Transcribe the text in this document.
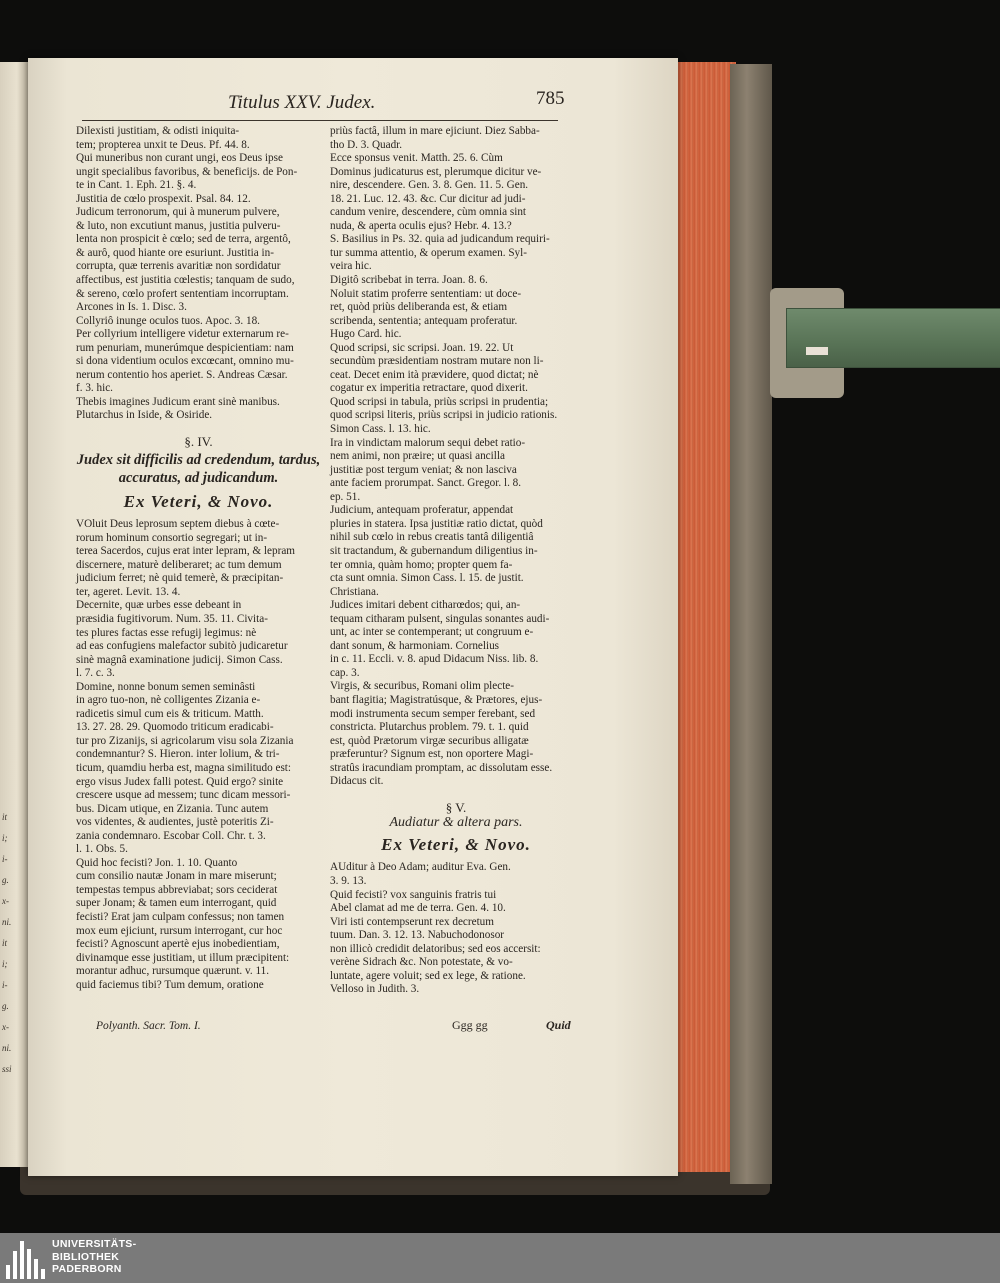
it
i;
i-
g.
x-
ni.
it
i;
i-
g.
x-
ni.
ssi
Titulus XXV. Judex.	785

Dilexisti justitiam, & odisti iniquita-

tem; propterea unxit te Deus. Pf. 44. 8.

Qui muneribus non curant ungi, eos Deus ipse

ungit specialibus favoribus, & beneficijs. de Pon-

te in Cant. 1. Eph. 21. §. 4.

Justitia de cœlo prospexit. Psal. 84. 12.

Judicum terronorum, qui à munerum pulvere,

& luto, non excutiunt manus, justitia pulveru-

lenta non prospicit è cœlo; sed de terra, argentô,

& aurô, quod hiante ore esuriunt. Justitia in-

corrupta, quæ terrenis avaritiæ non sordidatur

affectibus, est justitia cœlestis; tanquam de sudo,

& sereno, cœlo profert sententiam incorruptam.

Arcones in Is. 1. Disc. 3.

Collyriô inunge oculos tuos. Apoc. 3. 18.

Per collyrium intelligere videtur externarum re-

rum penuriam, munerúmque despicientiam: nam

si dona videntium oculos excœcant, omnino mu-

nerum contentio hos aperiet. S. Andreas Cæsar.

f. 3. hic.

Thebis imagines Judicum erant sinè manibus.

Plutarchus in Iside, & Osiride.

§. IV.
Judex sit difficilis ad credendum, tardus, accuratus, ad judicandum.
Ex Veteri, & Novo.

VOluit Deus leprosum septem diebus à cœte-

rorum hominum consortio segregari; ut in-

terea Sacerdos, cujus erat inter lepram, & lepram

discernere, maturè deliberaret; ac tum demum

judicium ferret; nè quid temerè, & præcipitan-

ter, ageret. Levit. 13. 4.

Decernite, quæ urbes esse debeant in

præsidia fugitivorum. Num. 35. 11. Civita-

tes plures factas esse refugij legimus: nè

ad eas confugiens malefactor subitò judicaretur

sinè magnâ examinatione judicij. Simon Cass.

l. 7. c. 3.

Domine, nonne bonum semen seminâsti

in agro tuo-non, nè colligentes Zizania e-

radicetis simul cum eis & triticum. Matth.

13. 27. 28. 29. Quomodo triticum eradicabi-

tur pro Zizanijs, si agricolarum visu sola Zizania

condemnantur? S. Hieron. inter lolium, & tri-

ticum, quamdiu herba est, magna similitudo est:

ergo visus Judex falli potest. Quid ergo? sinite

crescere usque ad messem; tunc dicam messori-

bus. Dicam utique, en Zizania. Tunc autem

vos videntes, & audientes, justè poteritis Zi-

zania condemnaro. Escobar Coll. Chr. t. 3.

l. 1. Obs. 5.

Quid hoc fecisti? Jon. 1. 10. Quanto

cum consilio nautæ Jonam in mare miserunt;

tempestas tempus abbreviabat; sors ceciderat

super Jonam; & tamen eum interrogant, quid

fecisti? Erat jam culpam confessus; non tamen

mox eum ejiciunt, rursum interrogant, cur hoc

fecisti? Agnoscunt apertè ejus inobedientiam,

divinamque esse justitiam, ut illum præcipitent:

morantur adhuc, rursumque quærunt. v. 11.

quid faciemus tibi? Tum demum, oratione

priùs factâ, illum in mare ejiciunt. Diez Sabba-

tho D. 3. Quadr.

Ecce sponsus venit. Matth. 25. 6. Cùm

Dominus judicaturus est, plerumque dicitur ve-

nire, descendere. Gen. 3. 8. Gen. 11. 5. Gen.

18. 21. Luc. 12. 43. &c. Cur dicitur ad judi-

candum venire, descendere, cùm omnia sint

nuda, & aperta oculis ejus? Hebr. 4. 13.?

S. Basilius in Ps. 32. quia ad judicandum requiri-

tur summa attentio, & operum examen. Syl-

veira hic.

Digitô scribebat in terra. Joan. 8. 6.

Noluit statim proferre sententiam: ut doce-

ret, quòd priùs deliberanda est, & etiam

scribenda, sententia; antequam proferatur.

Hugo Card. hic.

Quod scripsi, sic scripsi. Joan. 19. 22. Ut

secundùm præsidentiam nostram mutare non li-

ceat. Decet enim ità prævidere, quod dictat; nè

cogatur ex imperitia retractare, quod dixerit.

Quod scripsi in tabula, priùs scripsi in prudentia;

quod scripsi literis, priùs scripsi in judicio rationis.

Simon Cass. l. 13. hic.

Ira in vindictam malorum sequi debet ratio-

nem animi, non præire; ut quasi ancilla

justitiæ post tergum veniat; & non lasciva

ante faciem prorumpat. Sanct. Gregor. l. 8.

ep. 51.

Judicium, antequam proferatur, appendat

pluries in statera. Ipsa justitiæ ratio dictat, quòd

nihil sub cœlo in rebus creatis tantâ diligentiâ

sit tractandum, & gubernandum diligentius in-

ter omnia, quàm homo; propter quem fa-

cta sunt omnia. Simon Cass. l. 15. de justit.

Christiana.

Judices imitari debent citharœdos; qui, an-

tequam citharam pulsent, singulas sonantes audi-

unt, ac inter se contemperant; ut congruum e-

dant sonum, & harmoniam. Cornelius

in c. 11. Eccli. v. 8. apud Didacum Niss. lib. 8.

cap. 3.

Virgis, & securibus, Romani olim plecte-

bant flagitia; Magistratúsque, & Prætores, ejus-

modi instrumenta secum semper ferebant, sed

constricta. Plutarchus problem. 79. t. 1. quid

est, quòd Prætorum virgæ securibus alligatæ

præferuntur? Signum est, non oportere Magi-

stratûs iracundiam promptam, ac dissolutam esse.

Didacus cit.

§ V.
Audiatur & altera pars.
Ex Veteri, & Novo.

AUditur à Deo Adam; auditur Eva. Gen.

3. 9. 13.

Quid fecisti? vox sanguinis fratris tui

Abel clamat ad me de terra. Gen. 4. 10.

Viri isti contempserunt rex decretum

tuum. Dan. 3. 12. 13. Nabuchodonosor

non illicò credidit delatoribus; sed eos accersit:

verène Sidrach &c. Non potestate, & vo-

luntate, agere voluit; sed ex lege, & ratione.

Velloso in Judith. 3.

Polyanth. Sacr. Tom. I.	Ggg gg	Quid
UNIVERSITÄTS-
BIBLIOTHEK
PADERBORN
